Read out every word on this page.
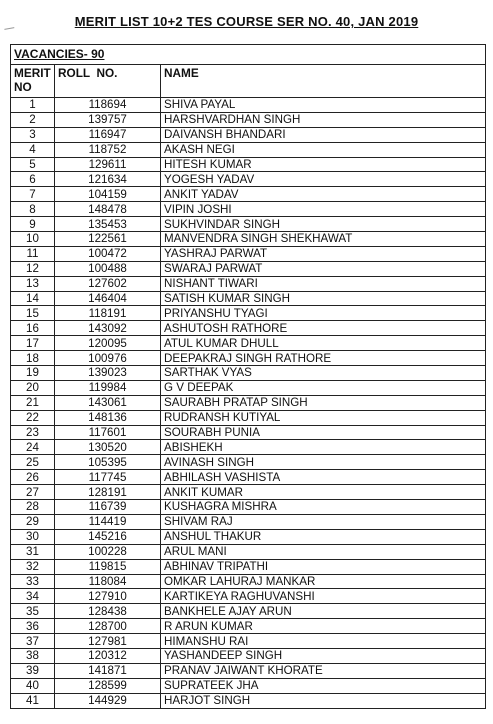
MERIT LIST 10+2 TES COURSE SER NO. 40, JAN 2019
VACANCIES- 90		
MERIT
NO	ROLL  NO.	NAME
1	118694	SHIVA PAYAL
2	139757	HARSHVARDHAN SINGH
3	116947	DAIVANSH BHANDARI
4	118752	AKASH NEGI
5	129611	HITESH KUMAR
6	121634	YOGESH YADAV
7	104159	ANKIT YADAV
8	148478	VIPIN JOSHI
9	135453	SUKHVINDAR SINGH
10	122561	MANVENDRA SINGH SHEKHAWAT
11	100472	YASHRAJ PARWAT
12	100488	SWARAJ PARWAT
13	127602	NISHANT TIWARI
14	146404	SATISH KUMAR SINGH
15	118191	PRIYANSHU TYAGI
16	143092	ASHUTOSH RATHORE
17	120095	ATUL KUMAR DHULL
18	100976	DEEPAKRAJ SINGH RATHORE
19	139023	SARTHAK VYAS
20	119984	G V DEEPAK
21	143061	SAURABH PRATAP SINGH
22	148136	RUDRANSH KUTIYAL
23	117601	SOURABH PUNIA
24	130520	ABISHEKH
25	105395	AVINASH SINGH
26	117745	ABHILASH VASHISTA
27	128191	ANKIT KUMAR
28	116739	KUSHAGRA MISHRA
29	114419	SHIVAM RAJ
30	145216	ANSHUL THAKUR
31	100228	ARUL MANI
32	119815	ABHINAV TRIPATHI
33	118084	OMKAR LAHURAJ MANKAR
34	127910	KARTIKEYA RAGHUVANSHI
35	128438	BANKHELE AJAY ARUN
36	128700	R ARUN KUMAR
37	127981	HIMANSHU RAI
38	120312	YASHANDEEP SINGH
39	141871	PRANAV JAIWANT KHORATE
40	128599	SUPRATEEK JHA
41	144929	HARJOT SINGH
